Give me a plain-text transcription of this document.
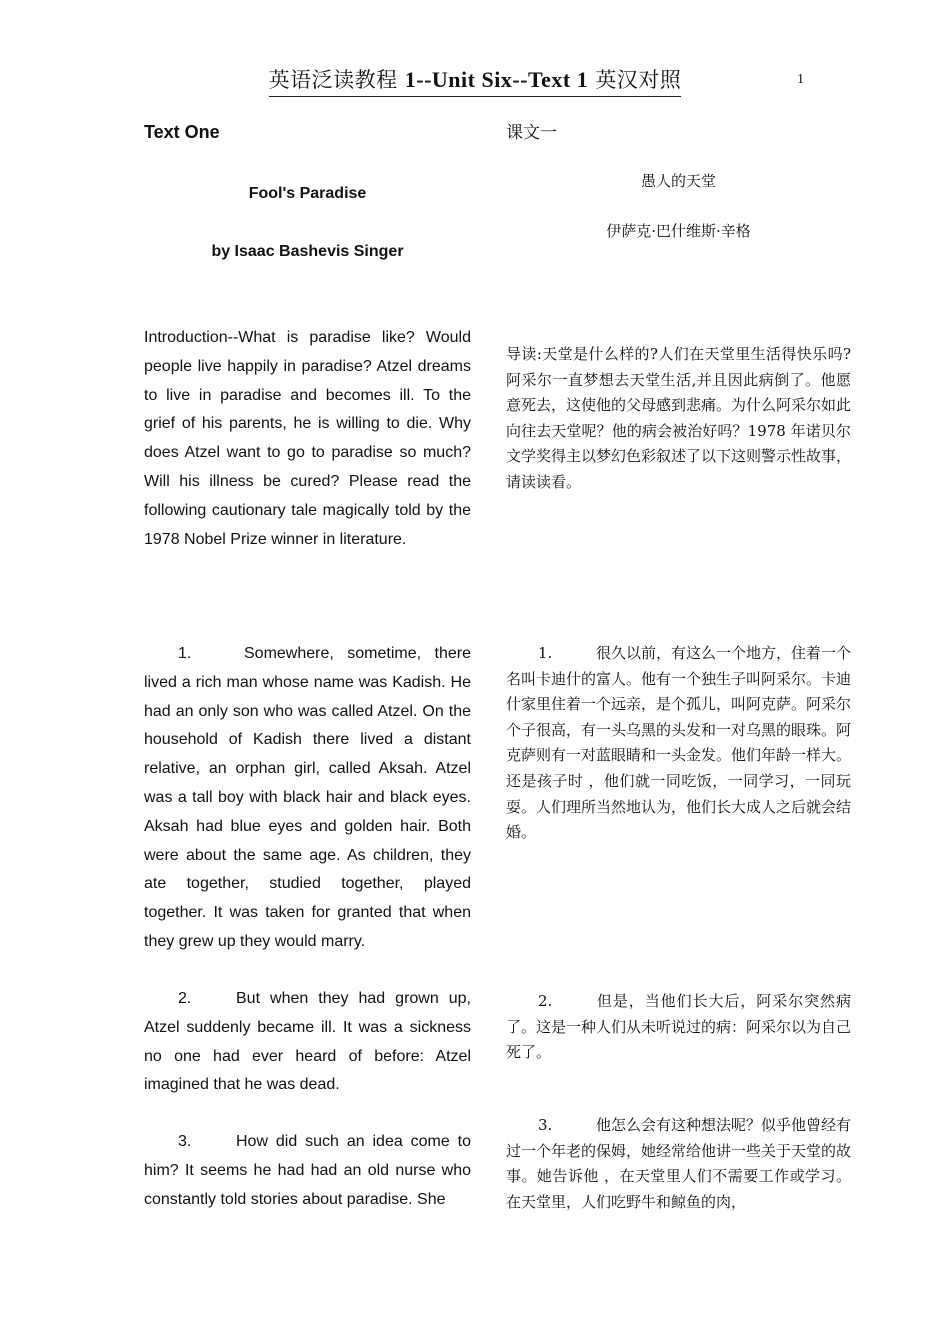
英语泛读教程 1--Unit Six--Text 1 英汉对照	1
Text One
Fool's Paradise
by Isaac Bashevis Singer

Introduction--What is paradise like? Would people live happily in paradise? Atzel dreams to live in paradise and becomes ill. To the grief of his parents, he is willing to die. Why does Atzel want to go to paradise so much? Will his illness be cured? Please read the following cautionary tale magically told by the 1978 Nobel Prize winner in literature.

1.	Somewhere, sometime, there lived a rich man whose name was Kadish. He had an only son who was called Atzel. On the household of Kadish there lived a distant relative, an orphan girl, called Aksah. Atzel was a tall boy with black hair and black eyes. Aksah had blue eyes and golden hair. Both were about the same age. As children, they ate together, studied together, played together. It was taken for granted that when they grew up they would marry.

2.	But when they had grown up, Atzel suddenly became ill. It was a sickness no one had ever heard of before: Atzel imagined that he was dead.

3.	How did such an idea come to him? It seems he had had an old nurse who constantly told stories about paradise. She

课文一
愚人的天堂
伊萨克·巴什维斯·辛格

导读:天堂是什么样的?人们在天堂里生活得快乐吗?阿采尔一直梦想去天堂生活,并且因此病倒了。他愿意死去，这使他的父母感到悲痛。为什么阿采尔如此向往去天堂呢？他的病会被治好吗？1978 年诺贝尔文学奖得主以梦幻色彩叙述了以下这则警示性故事，请读读看。

1.	很久以前，有这么一个地方，住着一个名叫卡迪什的富人。他有一个独生子叫阿采尔。卡迪什家里住着一个远亲，是个孤儿，叫阿克萨。阿采尔个子很高，有一头乌黑的头发和一对乌黑的眼珠。阿克萨则有一对蓝眼睛和一头金发。他们年龄一样大。还是孩子时 ，他们就一同吃饭，一同学习，一同玩耍。人们理所当然地认为，他们长大成人之后就会结婚。

2.	但是，当他们长大后，阿采尔突然病了。这是一种人们从未听说过的病：阿采尔以为自己死了。

3.	他怎么会有这种想法呢？似乎他曾经有过一个年老的保姆，她经常给他讲一些关于天堂的故事。她告诉他 ，在天堂里人们不需要工作或学习。在天堂里，人们吃野牛和鲸鱼的肉，
